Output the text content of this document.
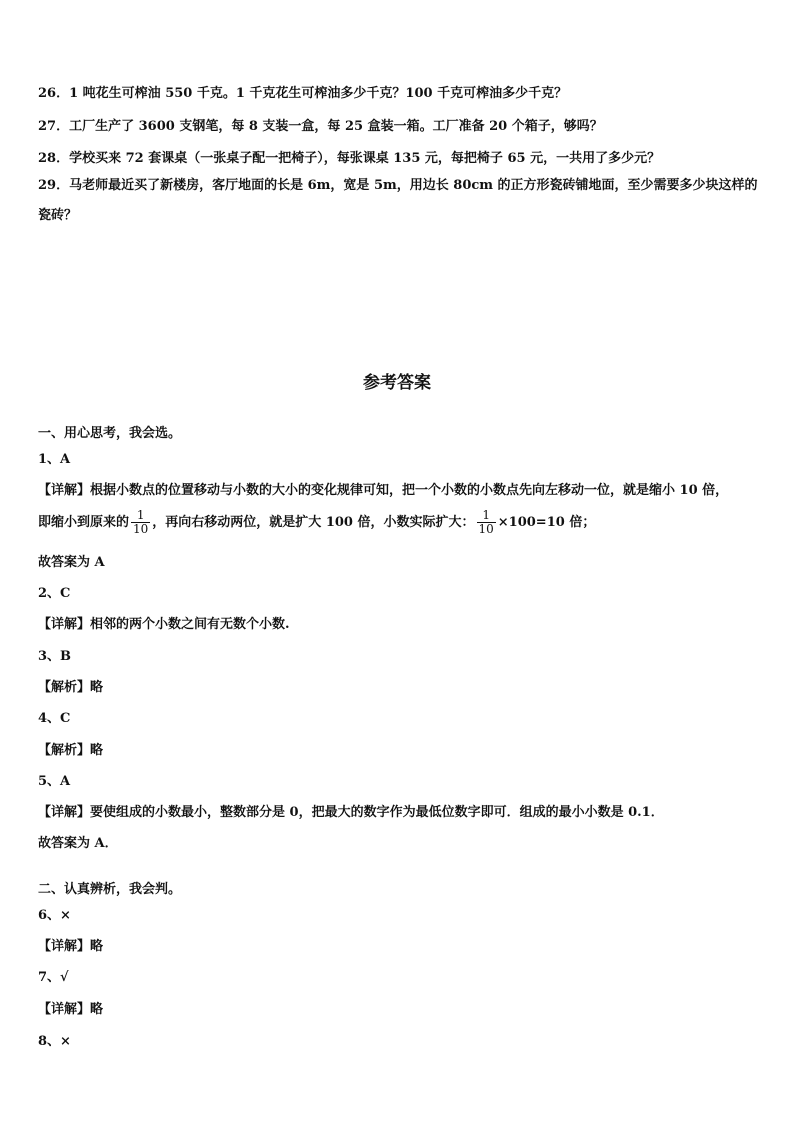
26．1 吨花生可榨油 550 千克。1 千克花生可榨油多少千克？100 千克可榨油多少千克？
27．工厂生产了 3600 支钢笔，每 8 支装一盒，每 25 盒装一箱。工厂准备 20 个箱子，够吗？
28．学校买来 72 套课桌（一张桌子配一把椅子），每张课桌 135 元，每把椅子 65 元，一共用了多少元？
29．马老师最近买了新楼房，客厅地面的长是 6m，宽是 5m，用边长 80cm 的正方形瓷砖铺地面，至少需要多少块这样的瓷砖？
参考答案
一、用心思考，我会选。
1、A
【详解】根据小数点的位置移动与小数的大小的变化规律可知，把一个小数的小数点先向左移动一位，就是缩小 10 倍，
即缩小到原来的 $\frac{1}{10}$ ，再向右移动两位，就是扩大 100 倍，小数实际扩大： $\frac{1}{10} \times 100=10$ 倍；
故答案为 A
2、C
【详解】相邻的两个小数之间有无数个小数.
3、B
【解析】略
4、C
【解析】略
5、A
【详解】要使组成的小数最小，整数部分是 0，把最大的数字作为最低位数字即可．组成的最小小数是 0.1．
故答案为 A．
二、认真辨析，我会判。
6、×
【详解】略
7、√
【详解】略
8、×
